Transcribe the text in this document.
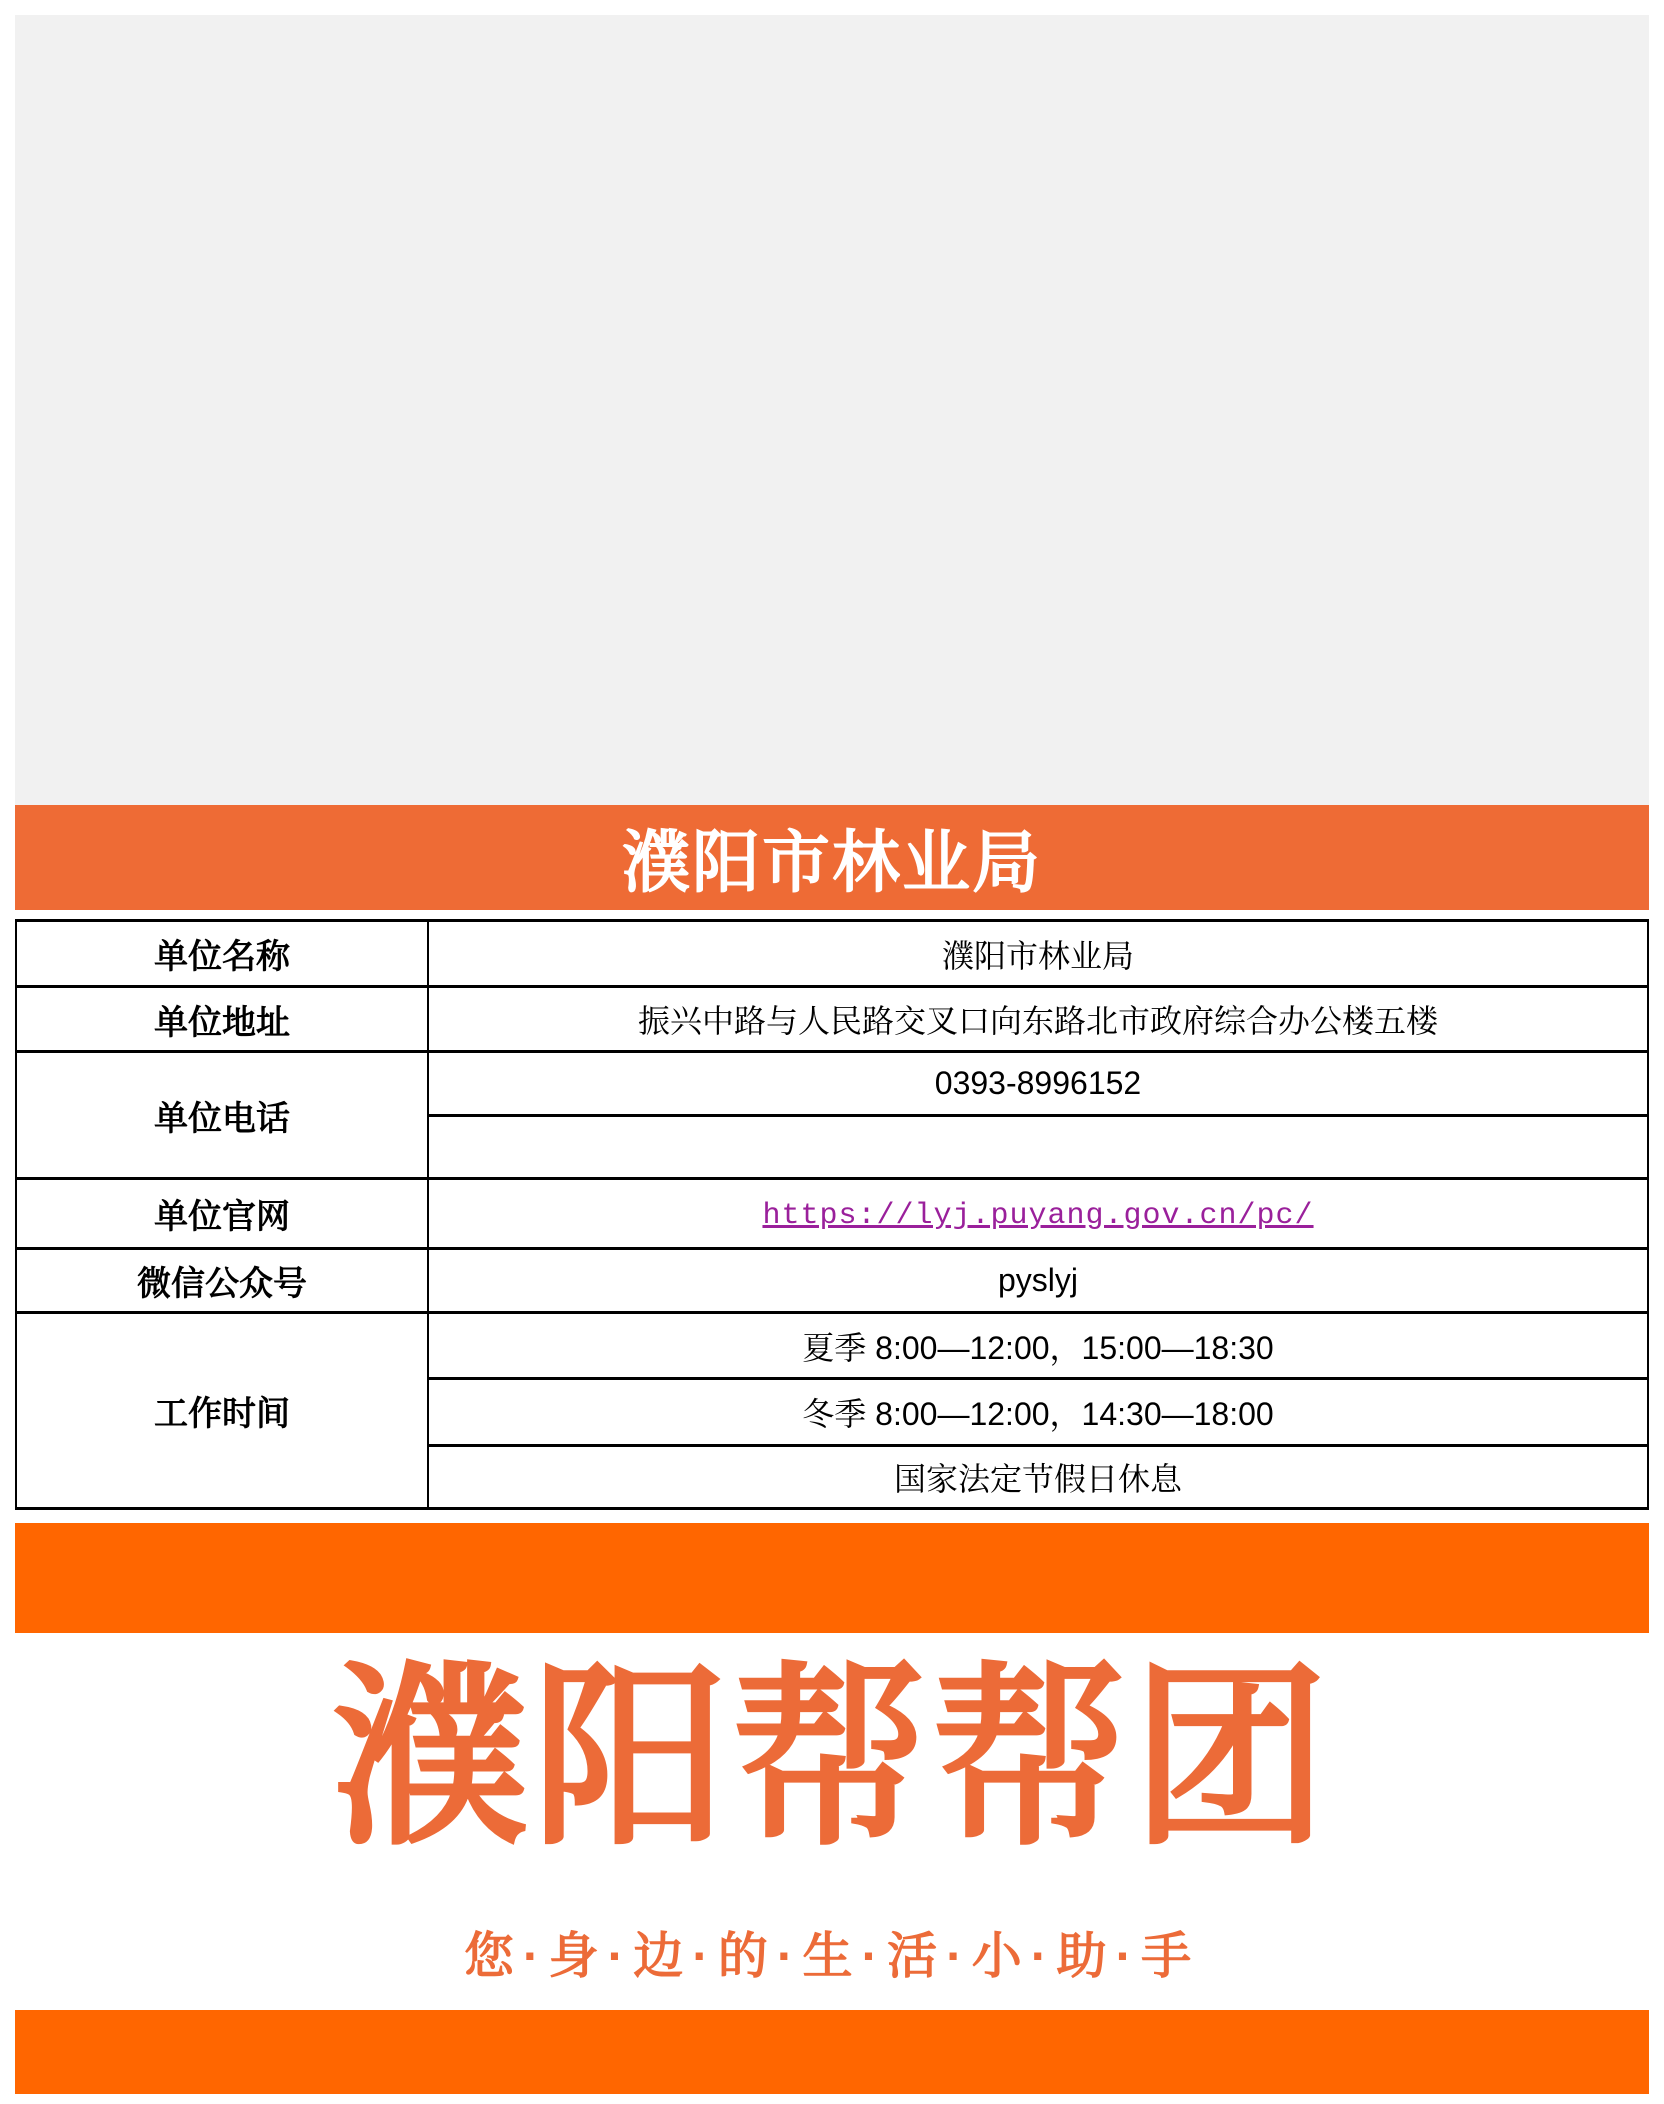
濮阳市林业局
单位名称	濮阳市林业局
单位地址	振兴中路与人民路交叉口向东路北市政府综合办公楼五楼
单位电话	0393-8996152

单位官网	https://lyj.puyang.gov.cn/pc/
微信公众号	pyslyj
工作时间	夏季 8:00—12:00，15:00—18:30
	冬季 8:00—12:00，14:30—18:00
	国家法定节假日休息
濮阳帮帮团
您·身·边·的·生·活·小·助·手
